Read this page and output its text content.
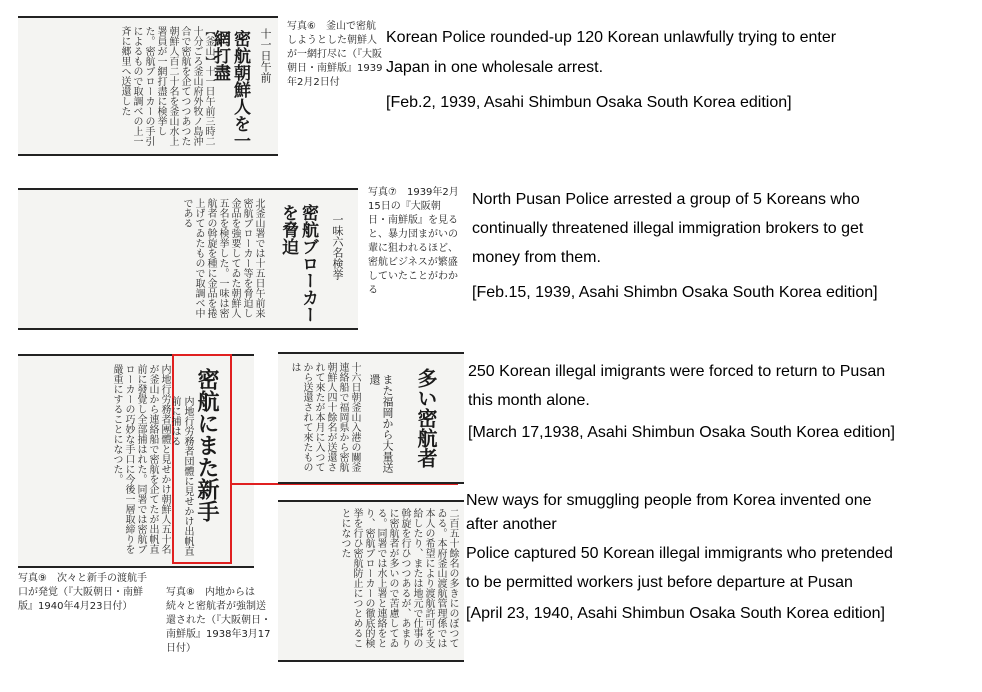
【釜山】十一日午前三時二十分ごろ釜山府外牧ノ島沖合で密航を企てつつあつた朝鮮人百二十名を釜山水上署員が一網打盡に検挙した。密航ブローカーの手引によるもので取調べの上一斉に郷里へ送還した	密航朝鮮人を一網打盡	十一日午前
写真⑥　釜山で密航しようとした朝鮮人が一網打尽に（『大阪朝日・南鮮版』1939年2月2日付
Korean Police rounded-up 120 Korean unlawfully trying to enter
Japan in one wholesale arrest.
[Feb.2, 1939, Asahi Shimbun Osaka South Korea edition]
北釜山署では十五日午前来密航ブローカー等を脅迫し金品を強要してゐた朝鮮人五名を検挙した。一味は密航者の斡旋を種に金品を捲上げてゐたもので取調べ中である	密航ブローカーを脅迫	一味六名検挙
写真⑦　1939年2月15日の『大阪朝日・南鮮版』を見ると、暴力団まがいの輩に狙われるほど、密航ビジネスが繁盛していたことがわかる
North Pusan Police arrested a group of 5 Koreans who
continually threatened illegal immigration brokers to get
money from them.
[Feb.15, 1939, Asahi Shimbn Osaka South Korea edition]
内地行労務者團體と見せかけ朝鮮人五十名が釜山から連絡船で密航を企てたが出帆直前に發覺し全部捕はれた。同署では密航ブローカーの巧妙な手口に今後一層取締りを嚴重にすることになつた。	密航にまた新手
内地行労務者団體に見せかけ出帆直前に捕はる
写真⑨　次々と新手の渡航手口が発覚（『大阪朝日・南鮮版』1940年4月23日付）
十六日朝釜山入港の關釜連絡船で福岡県から密航朝鮮人四十餘名が送還されて來たが本月に入つてから送還されて來たものは
多い密航者
また福岡から大量送還
二百五十餘名の多きにのぼつてゐる。本府釜山渡航管理係では本人の希望により渡航許可を支給したり、または地元で仕事の斡旋を行ひつつあるが、あまりに密航者が多いので苦慮してゐる。同署では水上署と連絡をとり、密航ブローカーの徹底的検挙を行ひ密航防止につとめることになつた
写真⑧　内地からは続々と密航者が強制送還された（『大阪朝日・南鮮版』1938年3月17日付）
250 Korean illegal imigrants were forced to return to Pusan
this month alone.
[March 17,1938, Asahi Shimbun Osaka South Korea edition]
New ways for smuggling people from Korea invented one
after another
Police captured 50 Korean illegal immigrants who pretended
to be permitted workers just before departure at Pusan
[April 23, 1940, Asahi Shimbun Osaka South Korea edition]
